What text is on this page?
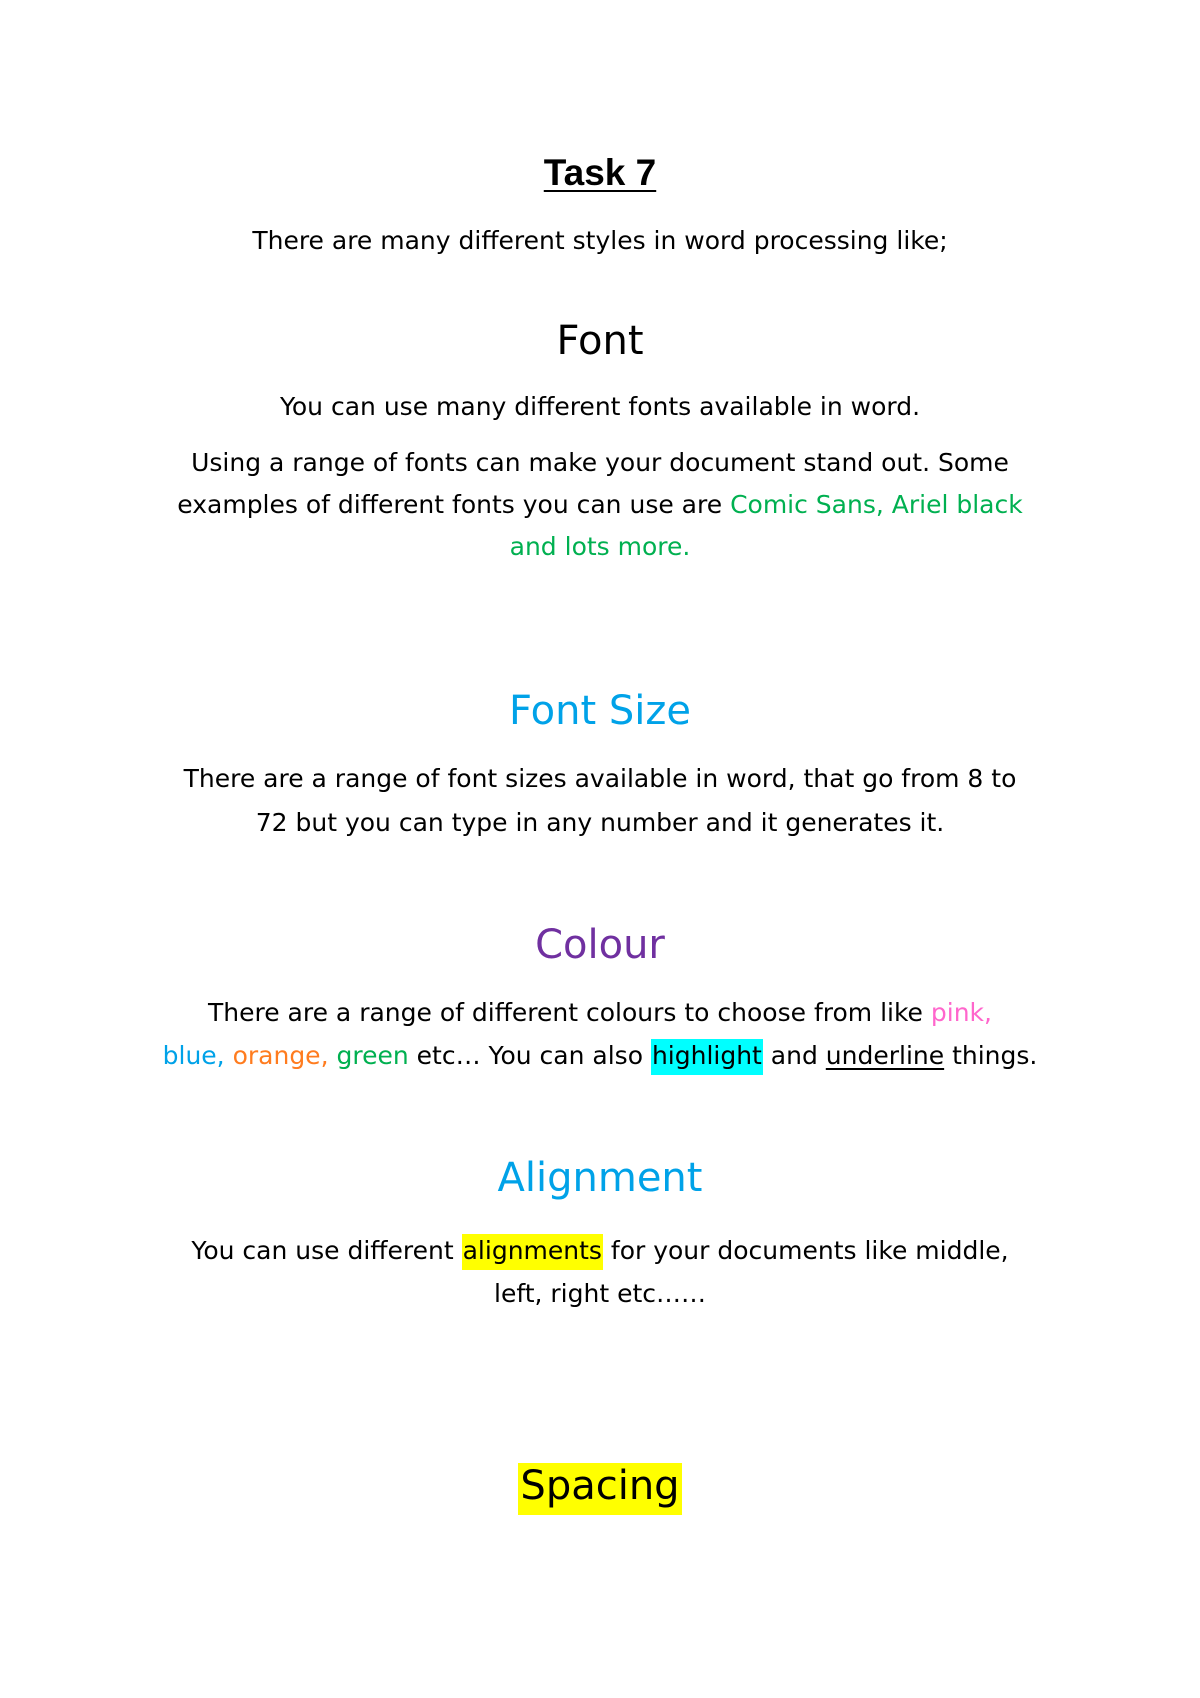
Task 7
There are many different styles in word processing like;
Font
You can use many different fonts available in word.
Using a range of fonts can make your document stand out. Some
examples of different fonts you can use are Comic Sans, Ariel black
and lots more.
Font Size
There are a range of font sizes available in word, that go from 8 to
72 but you can type in any number and it generates it.
Colour
There are a range of different colours to choose from like pink,
blue, orange, green etc… You can also highlight and underline things.
Alignment
You can use different alignments for your documents like middle,
left, right etc……
Spacing
